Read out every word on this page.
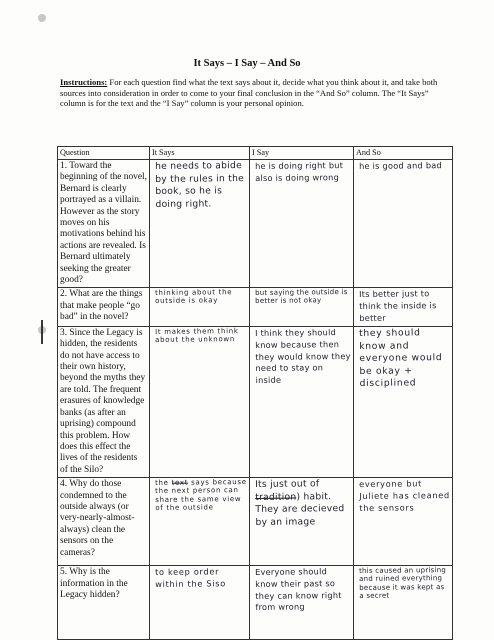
It Says – I Say – And So
Instructions: For each question find what the text says about it, decide what you think about it, and take both sources into consideration in order to come to your final conclusion in the “And So” column. The “It Says” column is for the text and the “I Say” column is your personal opinion.
Question	It Says	I Say	And So
1. Toward the beginning of the novel, Bernard is clearly portrayed as a villain. However as the story moves on his motivations behind his actions are revealed. Is Bernard ultimately seeking the greater good?	he needs to abide by the rules in the book, so he is doing right.	he is doing right but also is doing wrong	he is good and bad

2. What are the things that make people “go bad” in the novel?	thinking about the outside is okay	but saying the outside is better is not okay	Its better just to think the inside is better

3. Since the Legacy is hidden, the residents do not have access to their own history, beyond the myths they are told. The frequent erasures of knowledge banks (as after an uprising) compound this problem. How does this effect the lives of the residents of the Silo?	It makes them think about the unknown	I think they should know because then they would know they need to stay on inside	they should know and everyone would be okay + disciplined

4. Why do those condemned to the outside always (or very-nearly-almost-always) clean the sensors on the cameras?	the text says because the next person can share the same view of the outside	Its just out of tradition) habit. They are decieved by an image	everyone but Juliete has cleaned the sensors

5. Why is the information in the Legacy hidden?	to keep order within the Siso	Everyone should know their past so they can know right from wrong	this caused an uprising and ruined everything because it was kept as a secret
